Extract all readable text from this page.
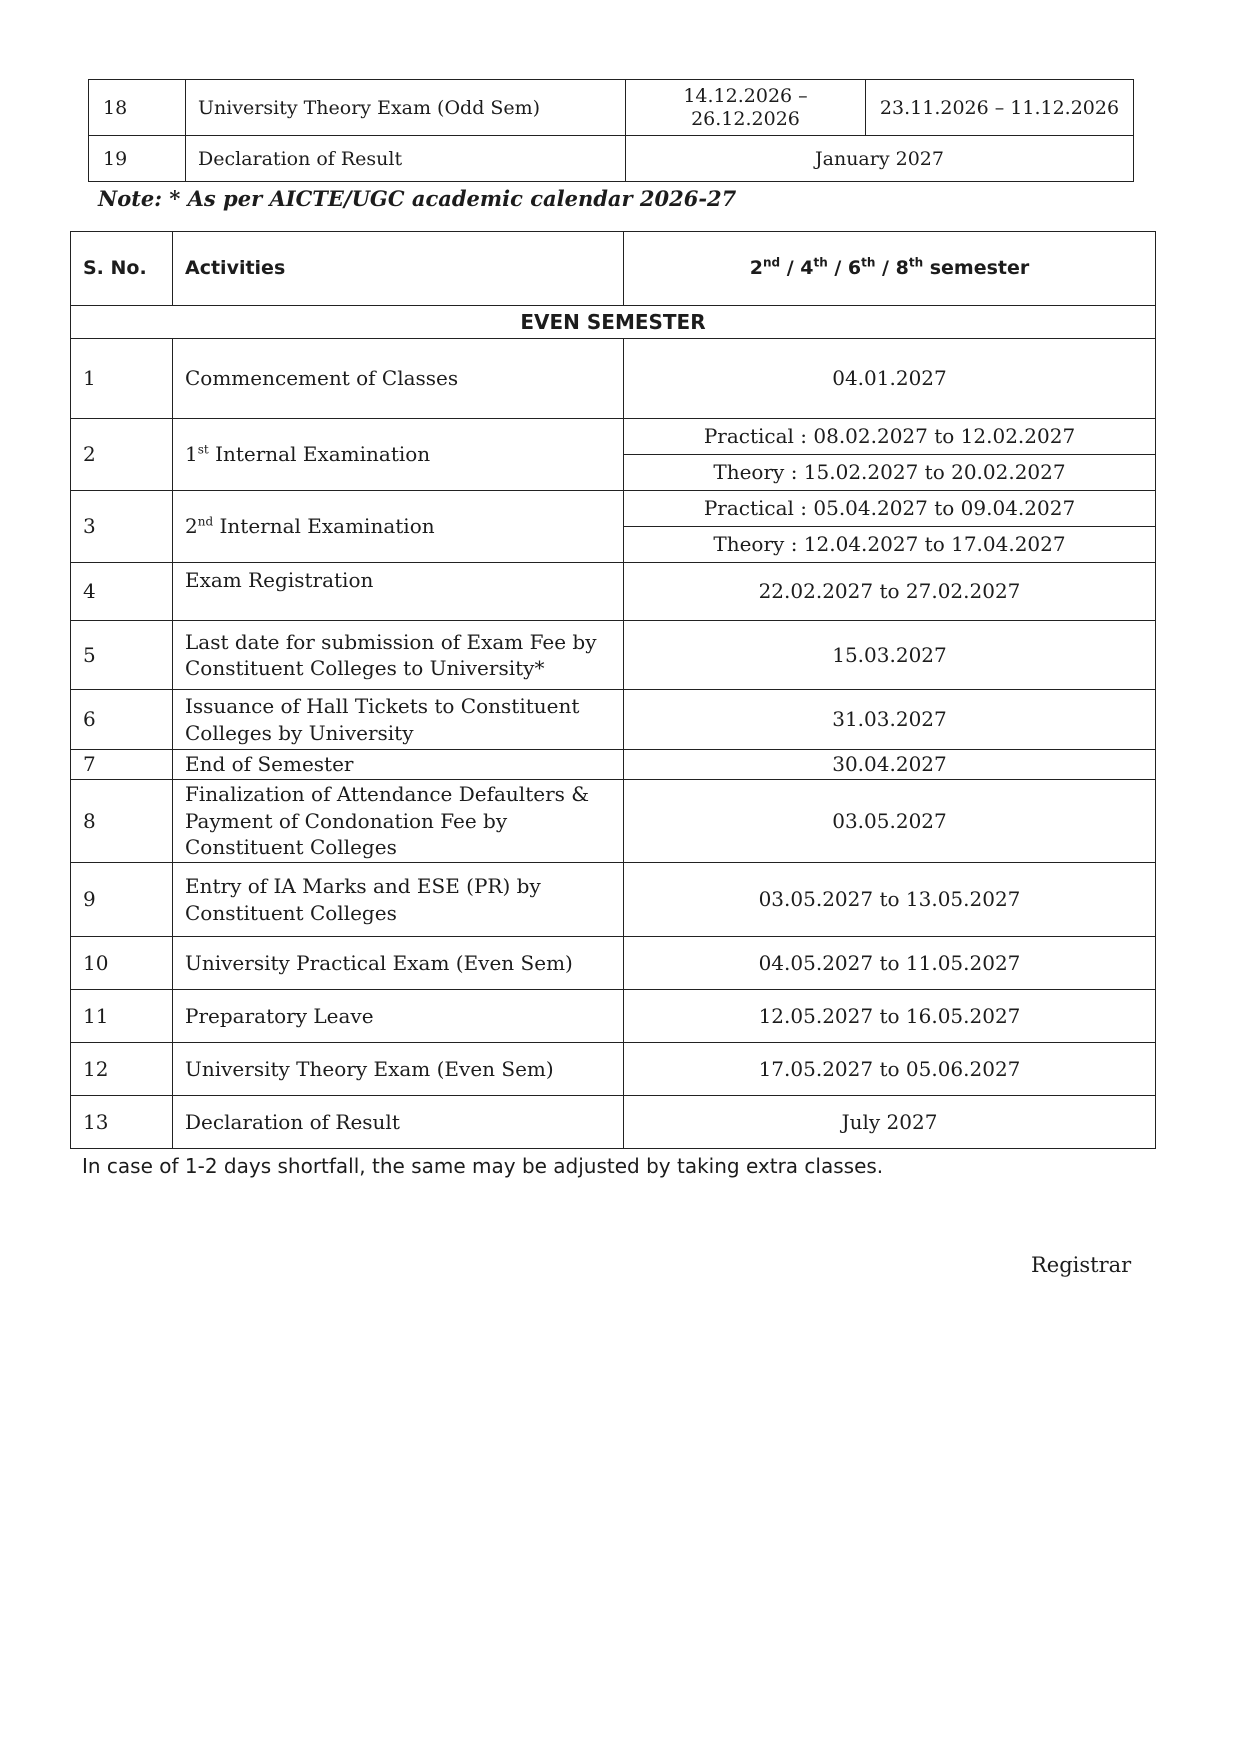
18	University Theory Exam (Odd Sem)	14.12.2026 – 26.12.2026	23.11.2026 – 11.12.2026
19	Declaration of Result	January 2027	
Note: * As per AICTE/UGC academic calendar 2026-27
S. No.	Activities	2nd / 4th / 6th / 8th semester
EVEN SEMESTER		
1	Commencement of Classes	04.01.2027
2	1st Internal Examination	Practical : 08.02.2027 to 12.02.2027
		Theory : 15.02.2027 to 20.02.2027
3	2nd Internal Examination	Practical : 05.04.2027 to 09.04.2027
		Theory : 12.04.2027 to 17.04.2027
4	Exam Registration	22.02.2027 to 27.02.2027
5	Last date for submission of Exam Fee by Constituent Colleges to University*	15.03.2027
6	Issuance of Hall Tickets to Constituent Colleges by University	31.03.2027
7	End of Semester	30.04.2027
8	Finalization of Attendance Defaulters & Payment of Condonation Fee by Constituent Colleges	03.05.2027
9	Entry of IA Marks and ESE (PR) by Constituent Colleges	03.05.2027 to 13.05.2027
10	University Practical Exam (Even Sem)	04.05.2027 to 11.05.2027
11	Preparatory Leave	12.05.2027 to 16.05.2027
12	University Theory Exam (Even Sem)	17.05.2027 to 05.06.2027
13	Declaration of Result	July 2027
In case of 1-2 days shortfall, the same may be adjusted by taking extra classes.
Registrar
